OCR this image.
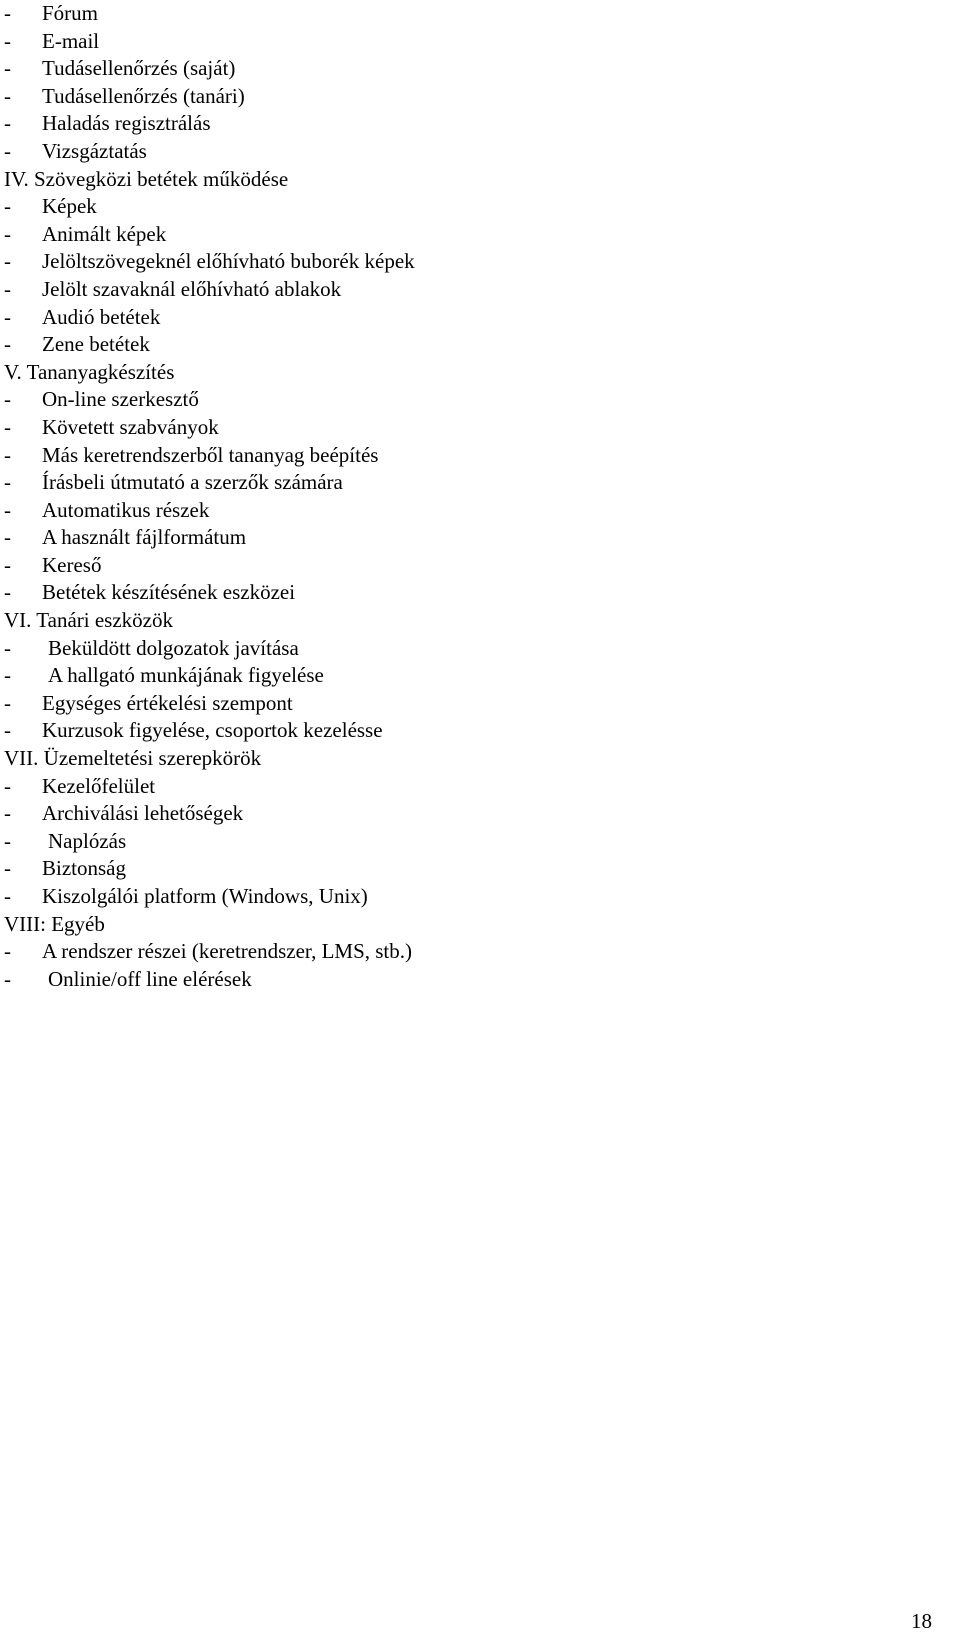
-	Fórum
-	E-mail
-	Tudásellenőrzés (saját)
-	Tudásellenőrzés (tanári)
-	Haladás regisztrálás
-	Vizsgáztatás
IV. Szövegközi betétek működése
-	Képek
-	Animált képek
-	Jelöltszövegeknél előhívható buborék képek
-	Jelölt szavaknál előhívható ablakok
-	Audió betétek
-	Zene betétek
V. Tananyagkészítés
-	On-line szerkesztő
-	Követett szabványok
-	Más keretrendszerből tananyag beépítés
-	Írásbeli útmutató a szerzők számára
-	Automatikus részek
-	A használt fájlformátum
-	Kereső
-	Betétek készítésének eszközei
VI. Tanári eszközök
-	Beküldött dolgozatok javítása
-	A hallgató munkájának figyelése
-	Egységes értékelési szempont
-	Kurzusok figyelése, csoportok kezelésse
VII. Üzemeltetési szerepkörök
-	Kezelőfelület
-	Archiválási lehetőségek
-	Naplózás
-	Biztonság
-	Kiszolgálói platform (Windows, Unix)
VIII: Egyéb
-	A rendszer részei (keretrendszer, LMS, stb.)
-	Onlinie/off line elérések
18
